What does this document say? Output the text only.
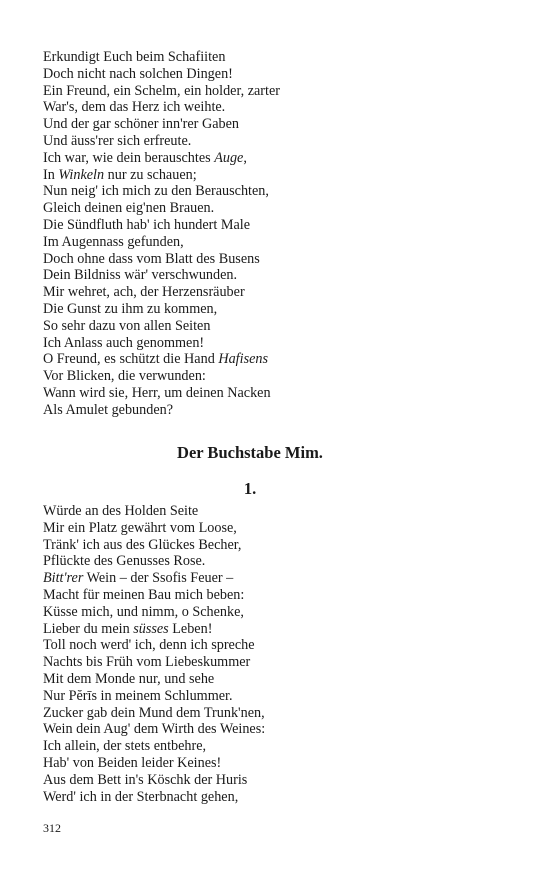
Erkundigt Euch beim Schafiiten
Doch nicht nach solchen Dingen!
Ein Freund, ein Schelm, ein holder, zarter
War's, dem das Herz ich weihte.
Und der gar schöner inn'rer Gaben
Und äuss'rer sich erfreute.
Ich war, wie dein berauschtes Auge,
In Winkeln nur zu schauen;
Nun neig' ich mich zu den Berauschten,
Gleich deinen eig'nen Brauen.
Die Sündfluth hab' ich hundert Male
Im Augennass gefunden,
Doch ohne dass vom Blatt des Busens
Dein Bildniss wär' verschwunden.
Mir wehret, ach, der Herzensräuber
Die Gunst zu ihm zu kommen,
So sehr dazu von allen Seiten
Ich Anlass auch genommen!
O Freund, es schützt die Hand Hafisens
Vor Blicken, die verwunden:
Wann wird sie, Herr, um deinen Nacken
Als Amulet gebunden?
Der Buchstabe Mim.
1.
Würde an des Holden Seite
Mir ein Platz gewährt vom Loose,
Tränk' ich aus des Glückes Becher,
Pflückte des Genusses Rose.
Bitt'rer Wein – der Ssofis Feuer –
Macht für meinen Bau mich beben:
Küsse mich, und nimm, o Schenke,
Lieber du mein süsses Leben!
Toll noch werd' ich, denn ich spreche
Nachts bis Früh vom Liebeskummer
Mit dem Monde nur, und sehe
Nur Pĕrīs in meinem Schlummer.
Zucker gab dein Mund dem Trunk'nen,
Wein dein Aug' dem Wirth des Weines:
Ich allein, der stets entbehre,
Hab' von Beiden leider Keines!
Aus dem Bett in's Köschk der Huris
Werd' ich in der Sterbnacht gehen,
312
